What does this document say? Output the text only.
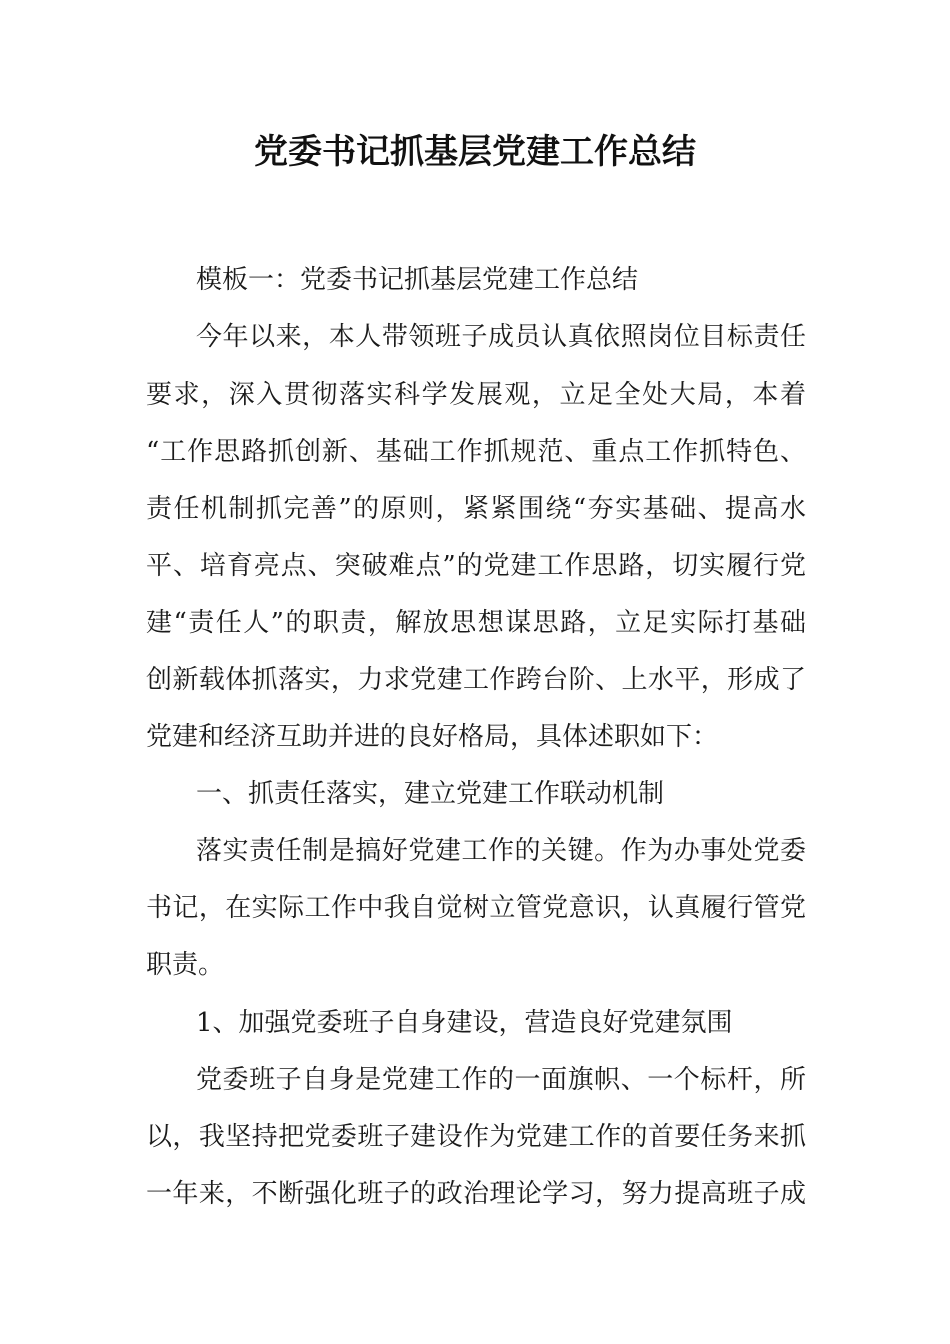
党委书记抓基层党建工作总结
模板一：党委书记抓基层党建工作总结
今年以来，本人带领班子成员认真依照岗位目标责任
要求，深入贯彻落实科学发展观，立足全处大局，本着
“工作思路抓创新、基础工作抓规范、重点工作抓特色、
责任机制抓完善”的原则，紧紧围绕“夯实基础、提高水
平、培育亮点、突破难点”的党建工作思路，切实履行党
建“责任人”的职责，解放思想谋思路，立足实际打基础
创新载体抓落实，力求党建工作跨台阶、上水平，形成了
党建和经济互助并进的良好格局，具体述职如下：
一、抓责任落实，建立党建工作联动机制
落实责任制是搞好党建工作的关键。作为办事处党委
书记，在实际工作中我自觉树立管党意识，认真履行管党
职责。
1、加强党委班子自身建设，营造良好党建氛围
党委班子自身是党建工作的一面旗帜、一个标杆，所
以，我坚持把党委班子建设作为党建工作的首要任务来抓
一年来，不断强化班子的政治理论学习，努力提高班子成
